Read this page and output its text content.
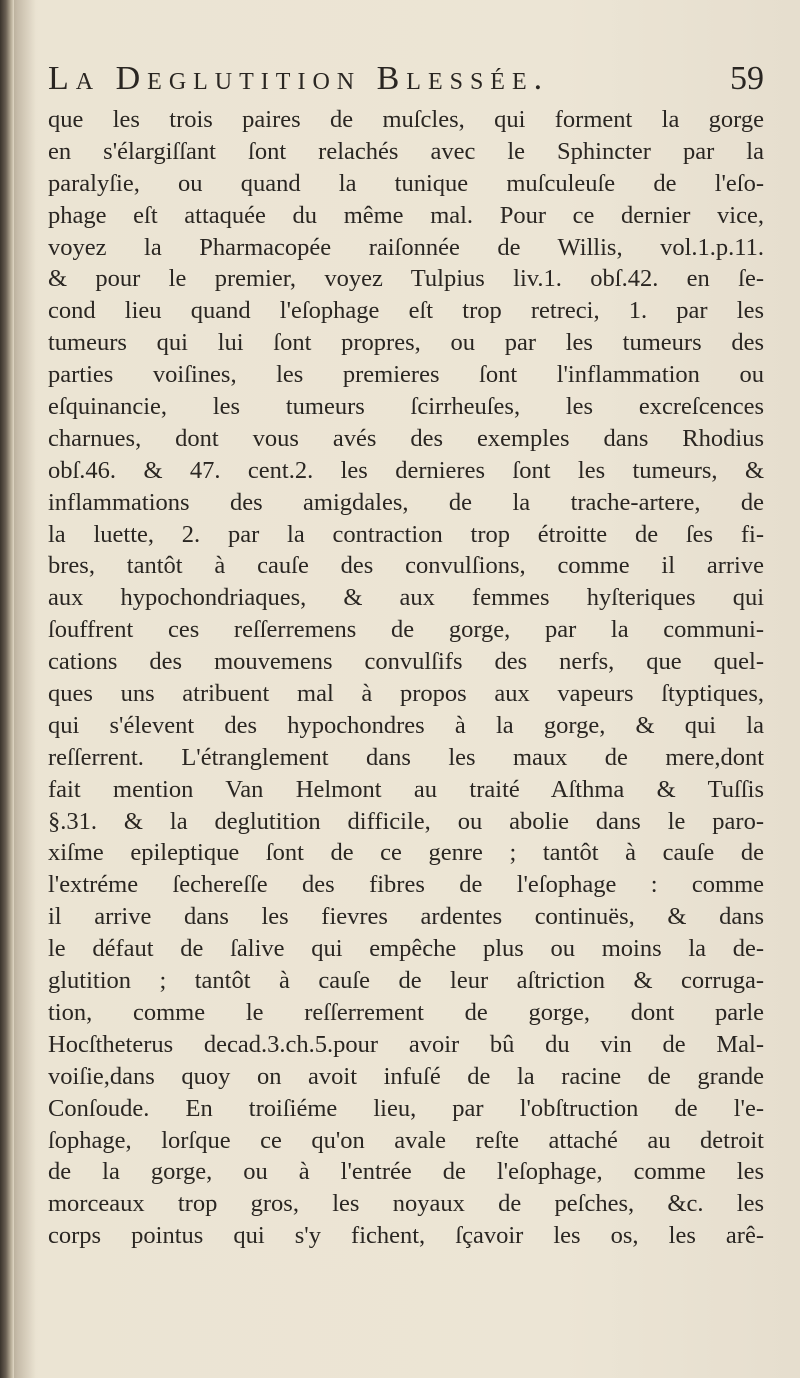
La Deglutition Blessée.	59
que les trois paires de muſcles, qui forment la gorge
en s'élargiſſant ſont relachés avec le Sphincter par la
paralyſie, ou quand la tunique muſculeuſe de l'eſo-
phage eſt attaquée du même mal. Pour ce dernier vice,
voyez la Pharmacopée raiſonnée de Willis, vol.1.p.11.
& pour le premier, voyez Tulpius liv.1. obſ.42. en ſe-
cond lieu quand l'eſophage eſt trop retreci, 1. par les
tumeurs qui lui ſont propres, ou par les tumeurs des
parties voiſines, les premieres ſont l'inflammation ou
eſquinancie, les tumeurs ſcirrheuſes, les excreſcences
charnues, dont vous avés des exemples dans Rhodius
obſ.46. & 47. cent.2. les dernieres ſont les tumeurs, &
inflammations des amigdales, de la trache-artere, de
la luette, 2. par la contraction trop étroitte de ſes fi-
bres, tantôt à cauſe des convulſions, comme il arrive
aux hypochondriaques, & aux femmes hyſteriques qui
ſouffrent ces reſſerremens de gorge, par la communi-
cations des mouvemens convulſifs des nerfs, que quel-
ques uns atribuent mal à propos aux vapeurs ſtyptiques,
qui s'élevent des hypochondres à la gorge, & qui la
reſſerrent. L'étranglement dans les maux de mere,dont
fait mention Van Helmont au traité Aſthma & Tuſſis
§.31. & la deglutition difficile, ou abolie dans le paro-
xiſme epileptique ſont de ce genre ; tantôt à cauſe de
l'extréme ſechereſſe des fibres de l'eſophage : comme
il arrive dans les fievres ardentes continuës, & dans
le défaut de ſalive qui empêche plus ou moins la de-
glutition ; tantôt à cauſe de leur aſtriction & corruga-
tion, comme le reſſerrement de gorge, dont parle
Hocſtheterus decad.3.ch.5.pour avoir bû du vin de Mal-
voiſie,dans quoy on avoit infuſé de la racine de grande
Conſoude. En troiſiéme lieu, par l'obſtruction de l'e-
ſophage, lorſque ce qu'on avale reſte attaché au detroit
de la gorge, ou à l'entrée de l'eſophage, comme les
morceaux trop gros, les noyaux de peſches, &c. les
corps pointus qui s'y fichent, ſçavoir les os, les arê-
